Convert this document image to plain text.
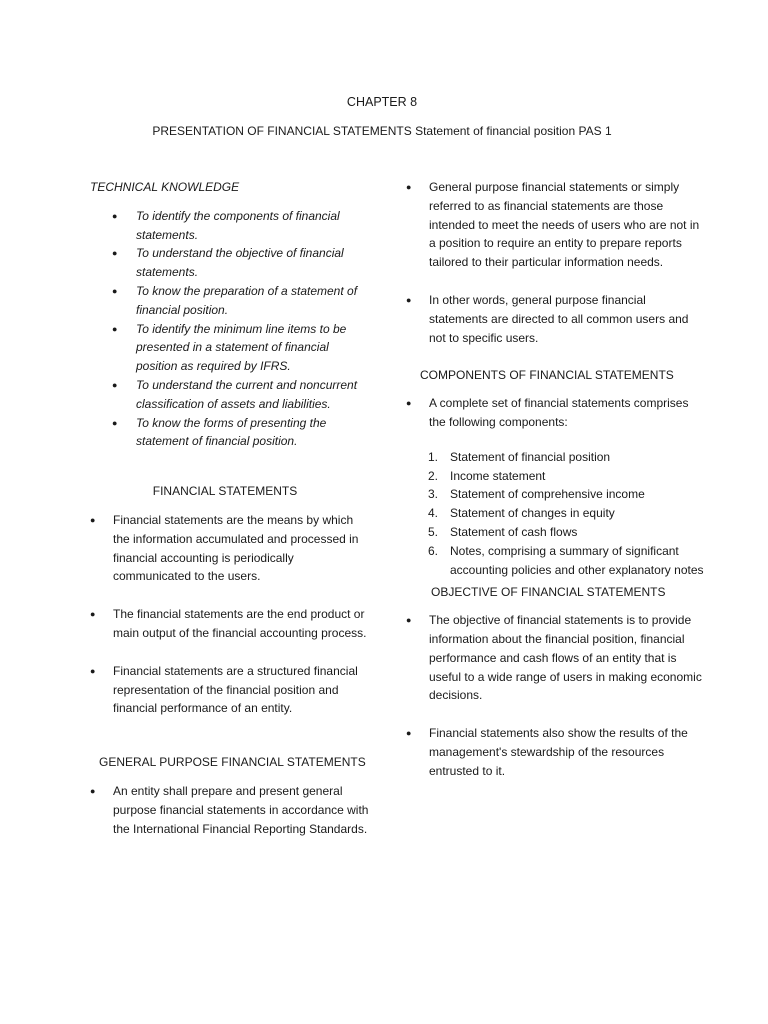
CHAPTER 8
PRESENTATION OF FINANCIAL STATEMENTS Statement of financial position PAS 1
TECHNICAL KNOWLEDGE
● To identify the components of financial statements.
● To understand the objective of financial statements.
● To know the preparation of a statement of financial position.
● To identify the minimum line items to be presented in a statement of financial position as required by IFRS.
● To understand the current and noncurrent classification of assets and liabilities.
● To know the forms of presenting the statement of financial position.
FINANCIAL STATEMENTS
● Financial statements are the means by which the information accumulated and processed in financial accounting is periodically communicated to the users.
● The financial statements are the end product or main output of the financial accounting process.
● Financial statements are a structured financial representation of the financial position and financial performance of an entity.
GENERAL PURPOSE FINANCIAL STATEMENTS
● An entity shall prepare and present general purpose financial statements in accordance with the International Financial Reporting Standards.
● General purpose financial statements or simply referred to as financial statements are those intended to meet the needs of users who are not in a position to require an entity to prepare reports tailored to their particular information needs.
● In other words, general purpose financial statements are directed to all common users and not to specific users.
COMPONENTS OF FINANCIAL STATEMENTS
● A complete set of financial statements comprises the following components:
1. Statement of financial position
2. Income statement
3. Statement of comprehensive income
4. Statement of changes in equity
5. Statement of cash flows
6. Notes, comprising a summary of significant accounting policies and other explanatory notes
OBJECTIVE OF FINANCIAL STATEMENTS
● The objective of financial statements is to provide information about the financial position, financial performance and cash flows of an entity that is useful to a wide range of users in making economic decisions.
● Financial statements also show the results of the management's stewardship of the resources entrusted to it.
